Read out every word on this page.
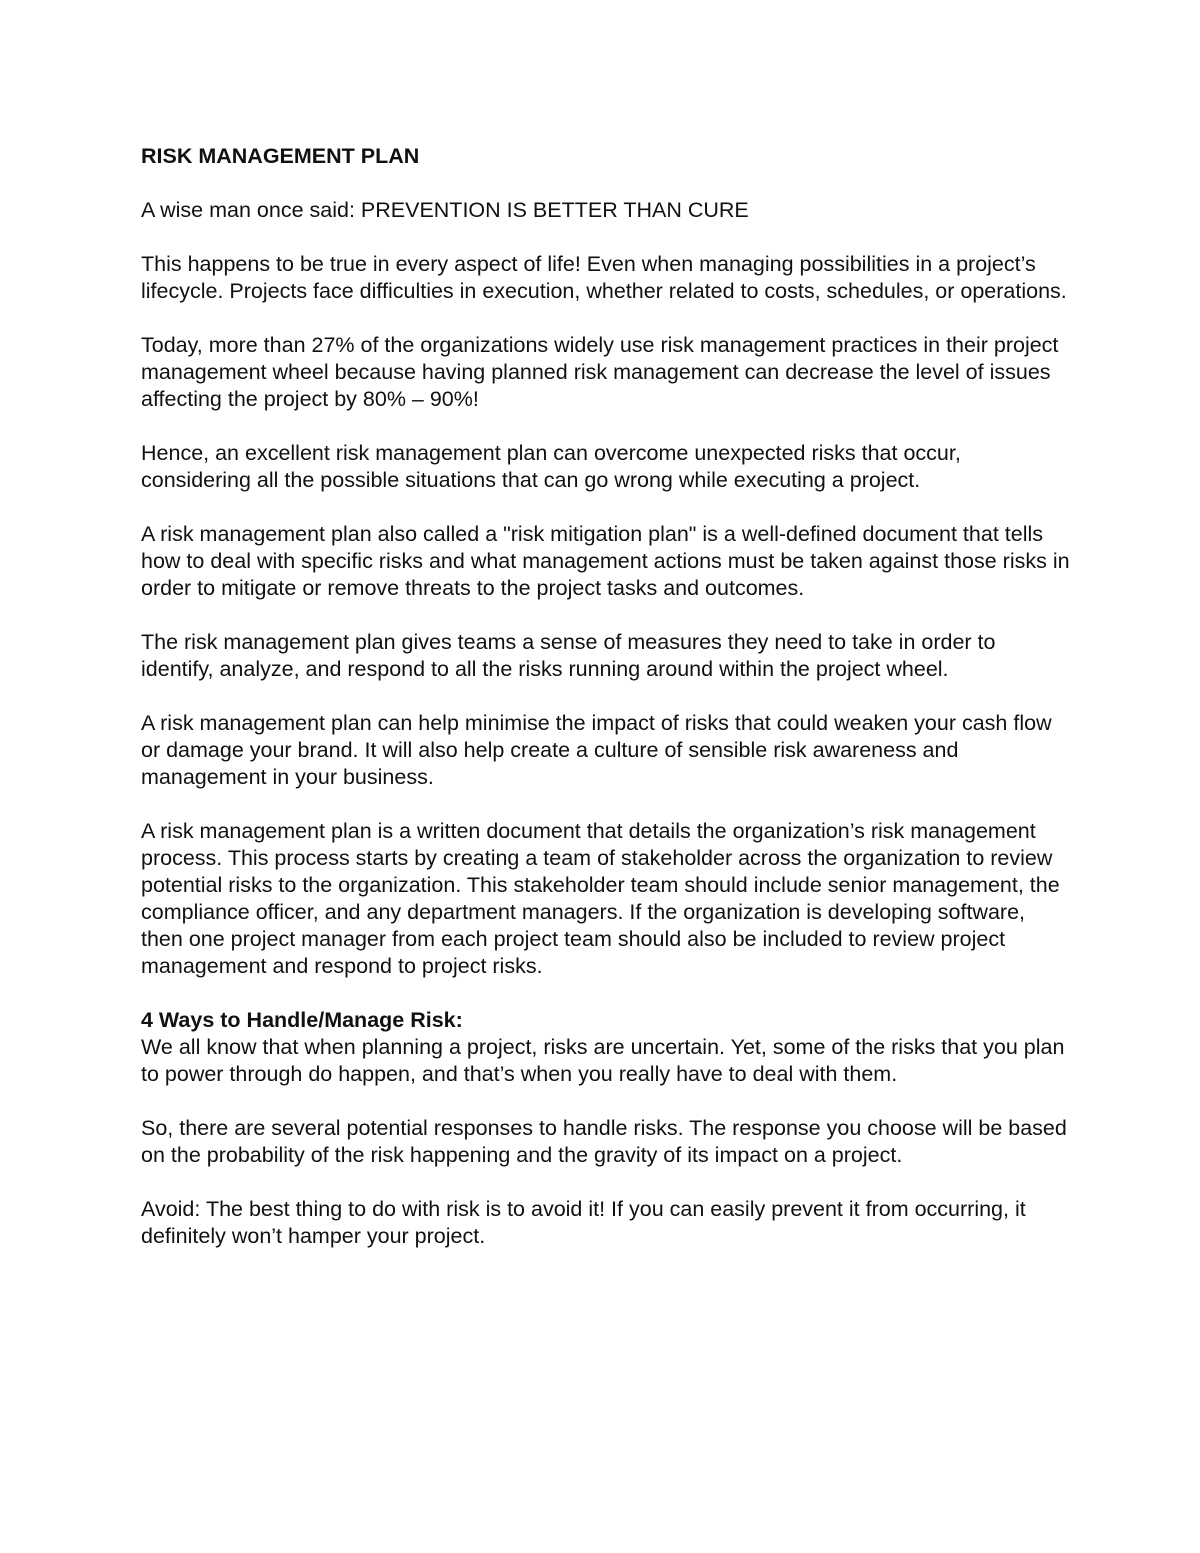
RISK MANAGEMENT PLAN

A wise man once said: PREVENTION IS BETTER THAN CURE

This happens to be true in every aspect of life! Even when managing possibilities in a project’s lifecycle. Projects face difficulties in execution, whether related to costs, schedules, or operations.

Today, more than 27% of the organizations widely use risk management practices in their project management wheel because having planned risk management can decrease the level of issues affecting the project by 80% – 90%!

Hence, an excellent risk management plan can overcome unexpected risks that occur, considering all the possible situations that can go wrong while executing a project.

A risk management plan also called a "risk mitigation plan" is a well-defined document that tells how to deal with specific risks and what management actions must be taken against those risks in order to mitigate or remove threats to the project tasks and outcomes.

The risk management plan gives teams a sense of measures they need to take in order to identify, analyze, and respond to all the risks running around within the project wheel.

A risk management plan can help minimise the impact of risks that could weaken your cash flow or damage your brand. It will also help create a culture of sensible risk awareness and management in your business.

A risk management plan is a written document that details the organization’s risk management process. This process starts by creating a team of stakeholder across the organization to review potential risks to the organization. This stakeholder team should include senior management, the compliance officer, and any department managers. If the organization is developing software, then one project manager from each project team should also be included to review project management and respond to project risks.

4 Ways to Handle/Manage Risk:

We all know that when planning a project, risks are uncertain. Yet, some of the risks that you plan to power through do happen, and that’s when you really have to deal with them.

So, there are several potential responses to handle risks. The response you choose will be based on the probability of the risk happening and the gravity of its impact on a project.

Avoid: The best thing to do with risk is to avoid it! If you can easily prevent it from occurring, it definitely won’t hamper your project.
